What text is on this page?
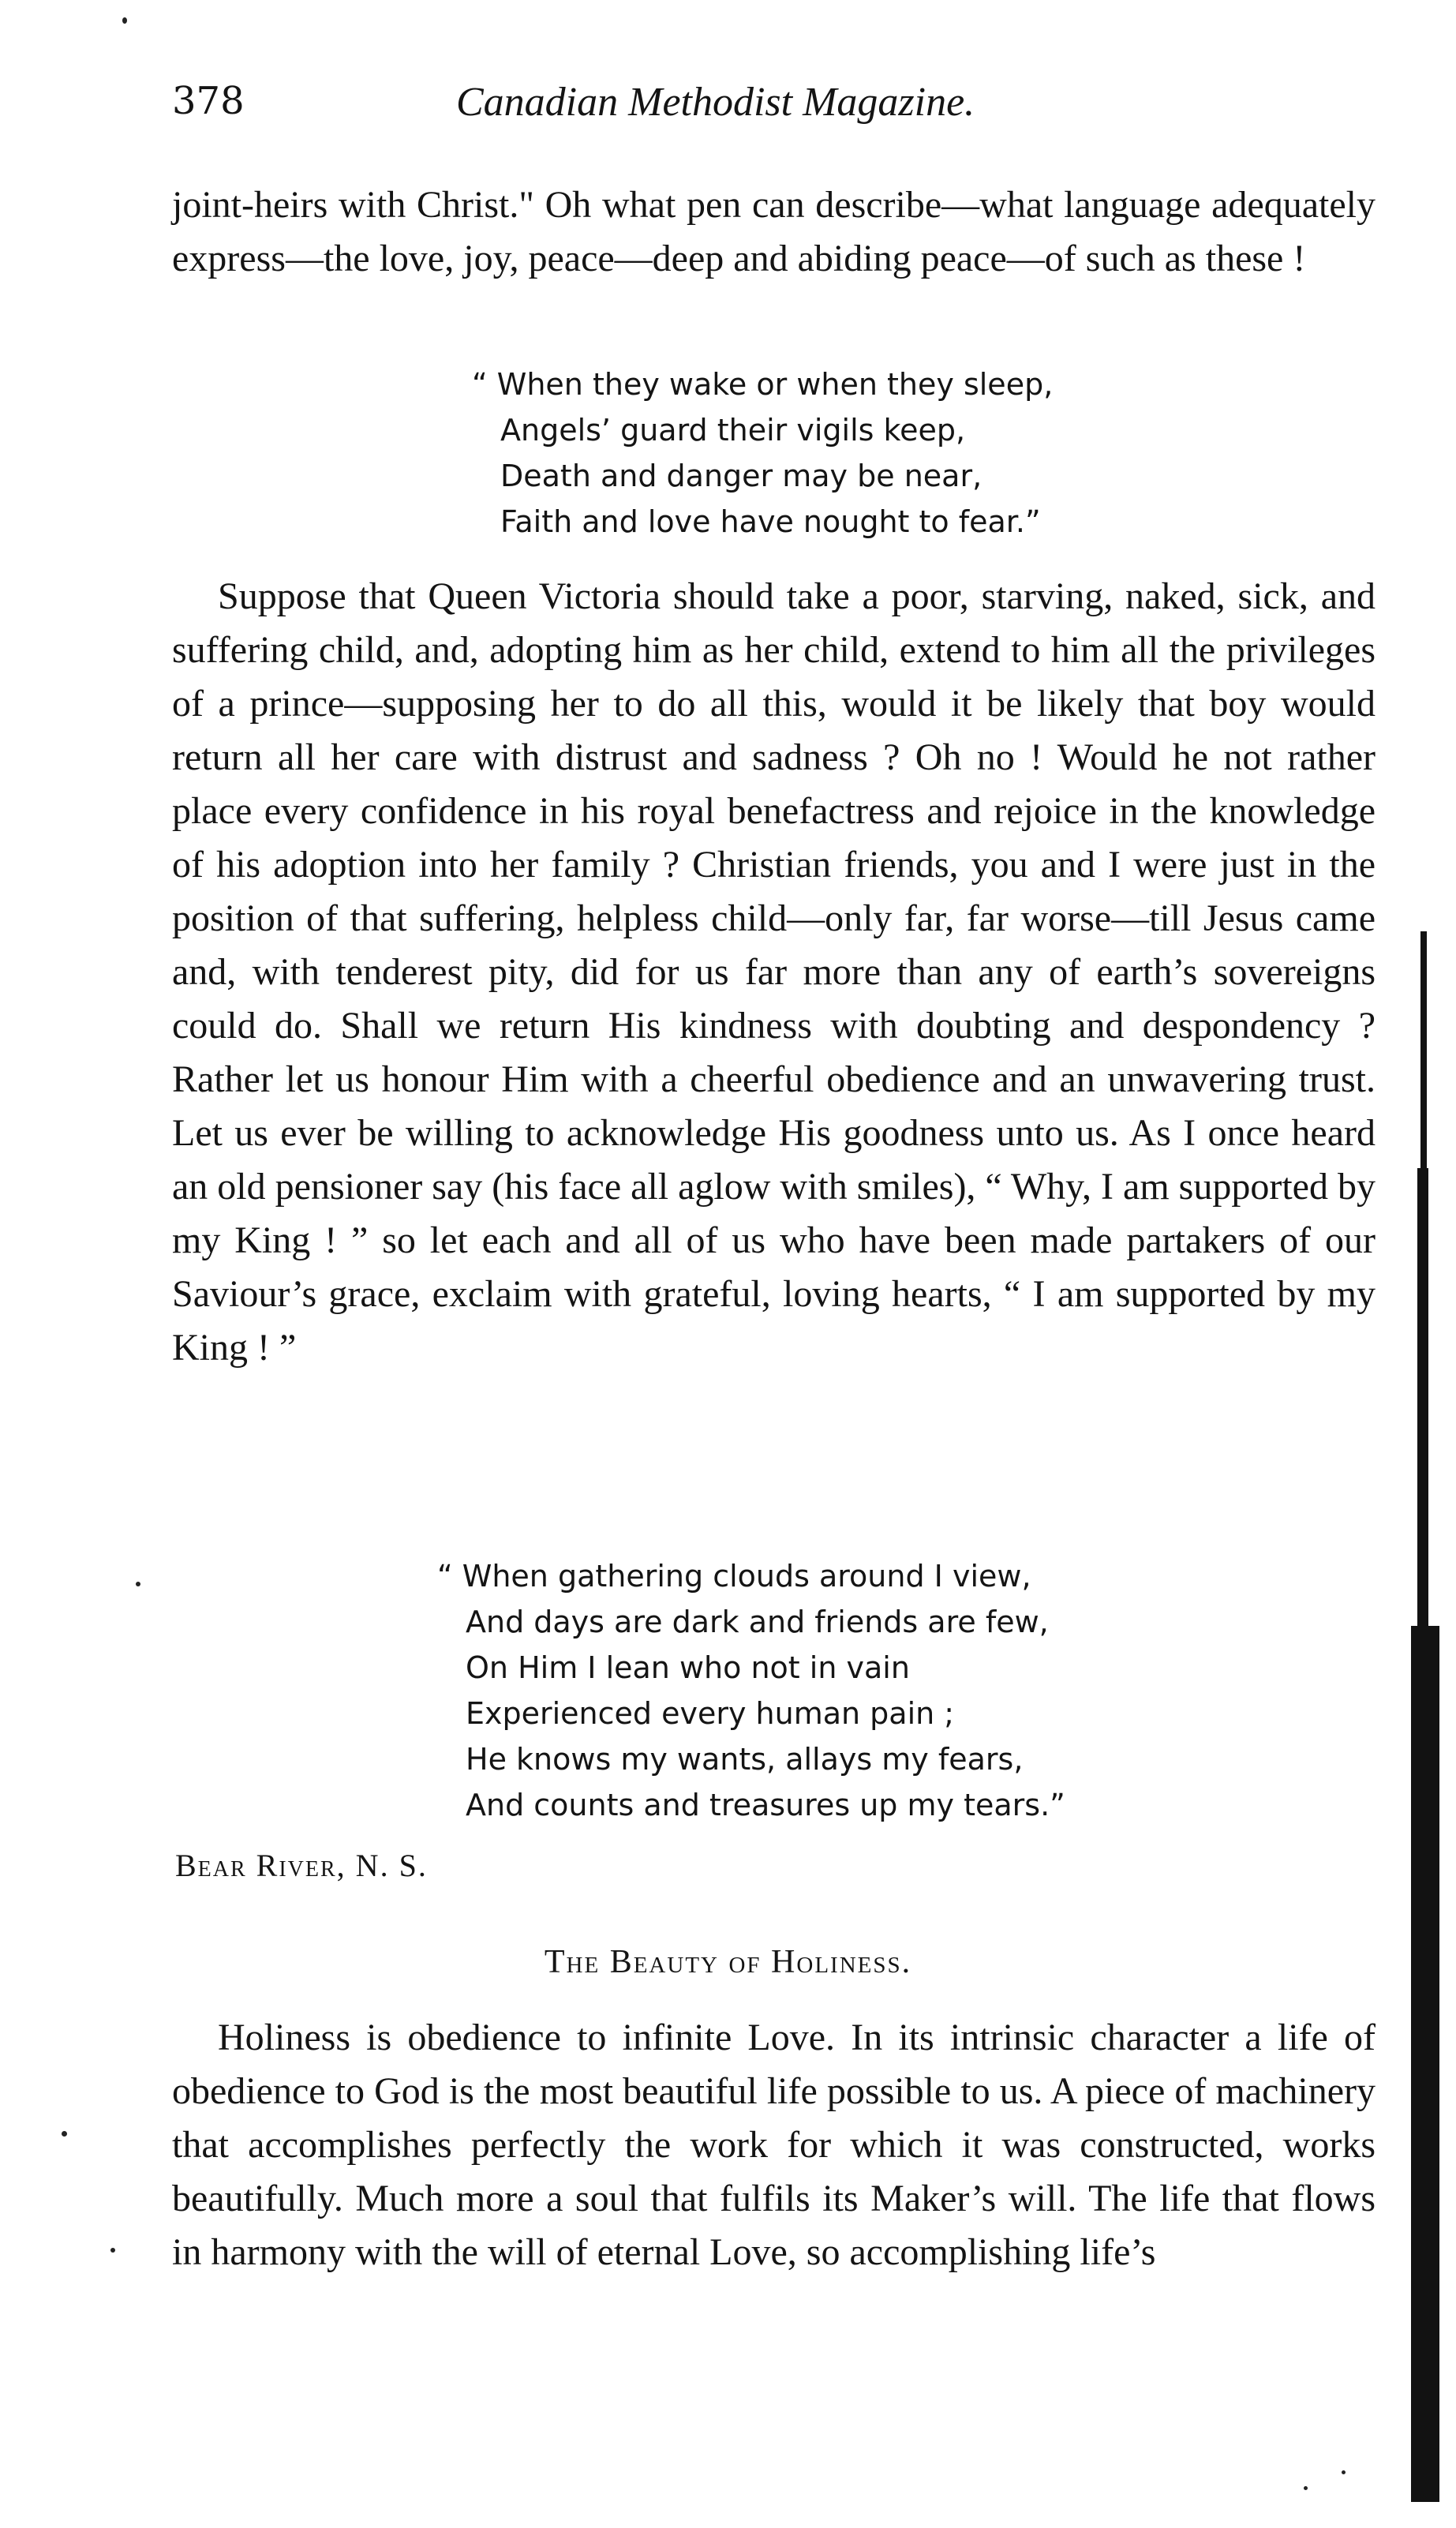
378	Canadian Methodist Magazine.

joint-heirs with Christ." Oh what pen can describe—what language adequately express—the love, joy, peace—deep and abiding peace—of such as these !

“ When they wake or when they sleep,
Angels’ guard their vigils keep,
Death and danger may be near,
Faith and love have nought to fear.”

Suppose that Queen Victoria should take a poor, starving, naked, sick, and suffering child, and, adopting him as her child, extend to him all the privileges of a prince—supposing her to do all this, would it be likely that boy would return all her care with distrust and sadness ? Oh no ! Would he not rather place every confidence in his royal benefactress and rejoice in the knowledge of his adoption into her family ? Christian friends, you and I were just in the position of that suffering, helpless child—only far, far worse—till Jesus came and, with tenderest pity, did for us far more than any of earth’s sovereigns could do. Shall we return His kindness with doubting and despondency ? Rather let us honour Him with a cheerful obedience and an unwavering trust. Let us ever be willing to acknowledge His goodness unto us. As I once heard an old pensioner say (his face all aglow with smiles), “ Why, I am supported by my King ! ” so let each and all of us who have been made partakers of our Saviour’s grace, exclaim with grateful, loving hearts, “ I am supported by my King ! ”

“ When gathering clouds around I view,
And days are dark and friends are few,
On Him I lean who not in vain
Experienced every human pain ;
He knows my wants, allays my fears,
And counts and treasures up my tears.”
Bear River, N. S.
The Beauty of Holiness.

Holiness is obedience to infinite Love. In its intrinsic character a life of obedience to God is the most beautiful life possible to us. A piece of machinery that accomplishes perfectly the work for which it was constructed, works beautifully. Much more a soul that fulfils its Maker’s will. The life that flows in harmony with the will of eternal Love, so accomplishing life’s
